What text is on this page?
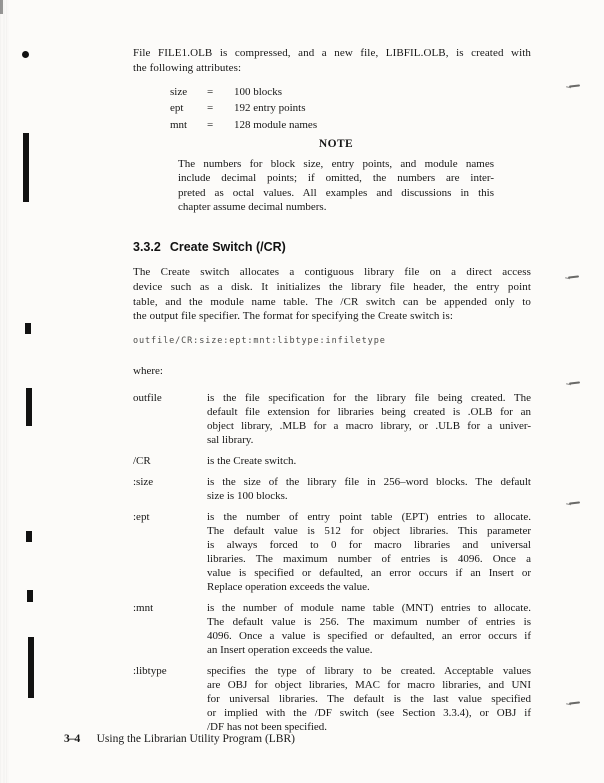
File FILE1.OLB is compressed, and a new file, LIBFIL.OLB, is created with
the following attributes:
size	=	100 blocks
ept	=	192 entry points
mnt	=	128 module names
NOTE
The numbers for block size, entry points, and module names
include decimal points; if omitted, the numbers are inter-
preted as octal values. All examples and discussions in this
chapter assume decimal numbers.
3.3.2 Create Switch (/CR)
The Create switch allocates a contiguous library file on a direct access
device such as a disk. It initializes the library file header, the entry point
table, and the module name table. The /CR switch can be appended only to
the output file specifier. The format for specifying the Create switch is:
outfile/CR:size:ept:mnt:libtype:infiletype
where:
outfile	is the file specification for the library file being created. The
default file extension for libraries being created is .OLB for an
object library, .MLB for a macro library, or .ULB for a univer-
sal library.
/CR	is the Create switch.
:size	is the size of the library file in 256–word blocks. The default
size is 100 blocks.
:ept	is the number of entry point table (EPT) entries to allocate.
The default value is 512 for object libraries. This parameter
is always forced to 0 for macro libraries and universal
libraries. The maximum number of entries is 4096. Once a
value is specified or defaulted, an error occurs if an Insert or
Replace operation exceeds the value.
:mnt	is the number of module name table (MNT) entries to allocate.
The default value is 256. The maximum number of entries is
4096. Once a value is specified or defaulted, an error occurs if
an Insert operation exceeds the value.
:libtype	specifies the type of library to be created. Acceptable values
are OBJ for object libraries, MAC for macro libraries, and UNI
for universal libraries. The default is the last value specified
or implied with the /DF switch (see Section 3.3.4), or OBJ if
/DF has not been specified.
3–4 Using the Librarian Utility Program (LBR)
